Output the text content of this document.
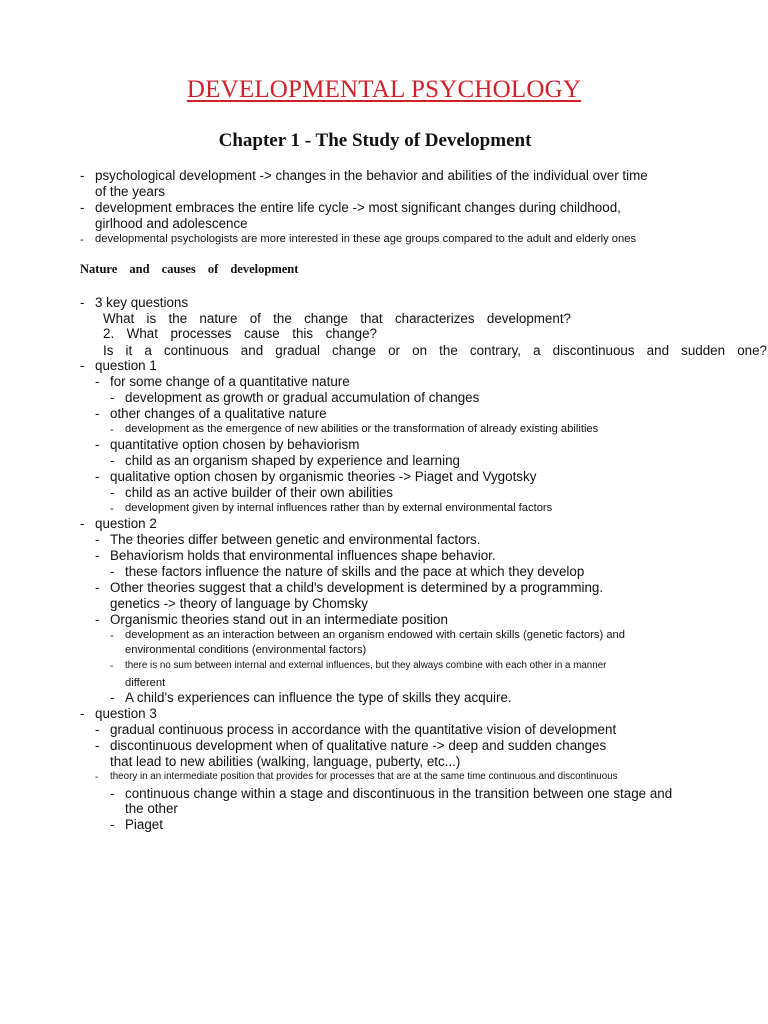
DEVELOPMENTAL PSYCHOLOGY
Chapter 1 - The Study of Development
- psychological development -> changes in the behavior and abilities of the individual over time
of the years
- development embraces the entire life cycle -> most significant changes during childhood,
girlhood and adolescence
- developmental psychologists are more interested in these age groups compared to the adult and elderly ones
Nature and causes of development
- 3 key questions
What is the nature of the change that characterizes development?
2. What processes cause this change?
Is it a continuous and gradual change or on the contrary, a discontinuous and sudden one?
- question 1
- for some change of a quantitative nature
- development as growth or gradual accumulation of changes
- other changes of a qualitative nature
- development as the emergence of new abilities or the transformation of already existing abilities
- quantitative option chosen by behaviorism
- child as an organism shaped by experience and learning
- qualitative option chosen by organismic theories -> Piaget and Vygotsky
- child as an active builder of their own abilities
- development given by internal influences rather than by external environmental factors
- question 2
- The theories differ between genetic and environmental factors.
- Behaviorism holds that environmental influences shape behavior.
- these factors influence the nature of skills and the pace at which they develop
- Other theories suggest that a child's development is determined by a programming.
genetics -> theory of language by Chomsky
- Organismic theories stand out in an intermediate position
- development as an interaction between an organism endowed with certain skills (genetic factors) and
environmental conditions (environmental factors)
- there is no sum between internal and external influences, but they always combine with each other in a manner
different
- A child's experiences can influence the type of skills they acquire.
- question 3
- gradual continuous process in accordance with the quantitative vision of development
- discontinuous development when of qualitative nature -> deep and sudden changes
that lead to new abilities (walking, language, puberty, etc...)
- theory in an intermediate position that provides for processes that are at the same time continuous and discontinuous
- continuous change within a stage and discontinuous in the transition between one stage and
the other
- Piaget
